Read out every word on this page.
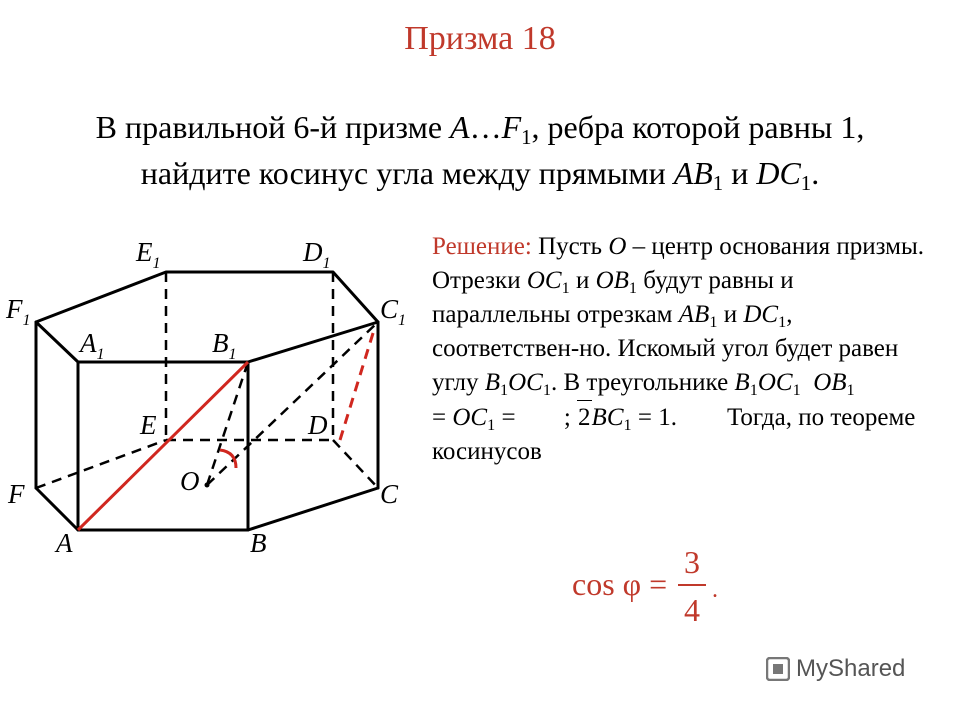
Призма 18
В правильной 6-й призме $A\dots F_1$, ребра которой равны 1,
найдите косинус угла между прямыми $AB_1$ и $DC_1$.
$E_1$	$D_1$
$F_1$	$C_1$
$A_1$	$B_1$
E	D
O
F	C
A	B
Решение: Пусть O – центр основания призмы. Отрезки $OC_1$ и $OB_1$ будут равны и параллельны отрезкам $AB_1$ и $DC_1$, соответствен-но. Искомый угол будет равен углу $B_1OC_1$. В треугольнике $B_1OC_1$ $OB_1$
= $OC_1$ = ; $2BC_1 = 1$. Тогда, по теореме косинусов
cos φ =
3
4
.
MyShared
